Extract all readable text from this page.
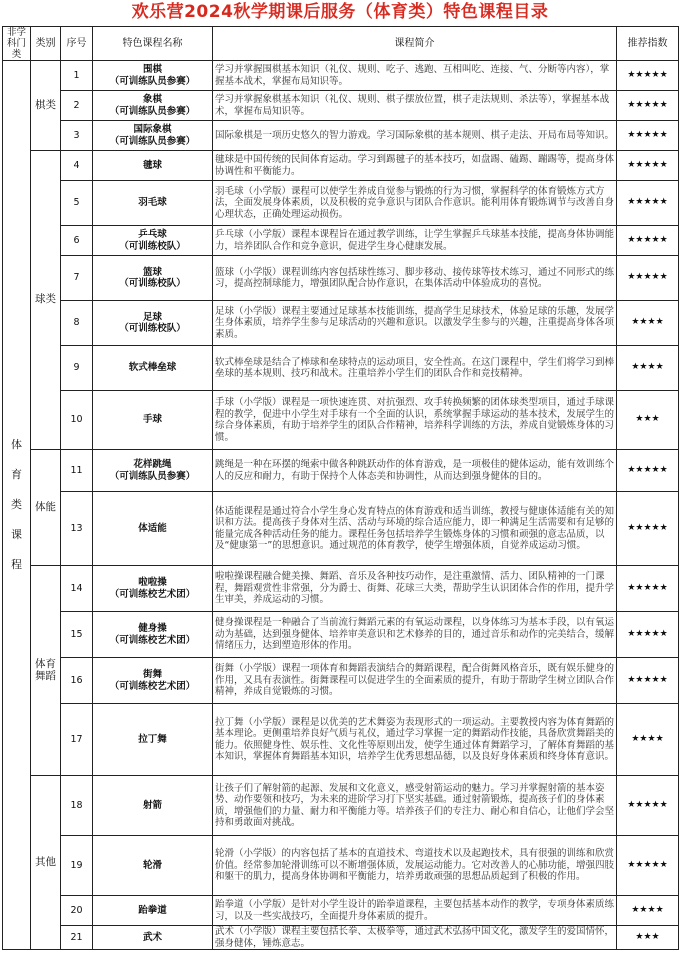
欢乐营2024秋学期课后服务（体育类）特色课程目录
非学科门类	类别	序号	特色课程名称	课程简介	推荐指数

体
育
类
课
程	棋类	1	围棋
（可训练队员参赛）	学习并掌握围棋基本知识（礼仪、规则、吃子、逃跑、互相叫吃、连接、气、分断等内容），掌握基本战术，掌握布局知识等。	★★★★★
		2	象棋
（可训练队员参赛）	学习并掌握象棋基本知识（礼仪、规则、棋子摆放位置，棋子走法规则、杀法等），掌握基本战术，掌握布局知识等。	★★★★★
		3	国际象棋
（可训练队员参赛）	国际象棋是一项历史悠久的智力游戏。学习国际象棋的基本规则、棋子走法、开局布局等知识。	★★★★★
	球类	4	毽球	毽球是中国传统的民间体育运动。学习到踢毽子的基本技巧，如盘踢、磕踢、蹦踢等，提高身体协调性和平衡能力。	★★★★★
		5	羽毛球	羽毛球（小学版）课程可以使学生养成自觉参与锻炼的行为习惯，掌握科学的体育锻炼方式方法，全面发展身体素质，以及积极的竞争意识与团队合作意识。能利用体育锻炼调节与改善自身心理状态，正确处理运动损伤。	★★★★★
		6	乒乓球
（可训练校队）	乒乓球（小学版）课程本课程旨在通过教学训练，让学生掌握乒乓球基本技能，提高身体协调能力，培养团队合作和竞争意识，促进学生身心健康发展。	★★★★★
		7	篮球
（可训练校队）	篮球（小学版）课程训练内容包括球性练习、脚步移动、接传球等技术练习，通过不同形式的练习，提高控制球能力，增强团队配合协作意识，在集体活动中体验成功的喜悦。	★★★★★
		8	足球
（可训练校队）	足球（小学版）课程主要通过足球基本技能训练，提高学生足球技术，体验足球的乐趣，发展学生身体素质，培养学生参与足球活动的兴趣和意识。以激发学生参与的兴趣，注重提高身体各项素质。	★★★★
		9	软式棒垒球	软式棒垒球是结合了棒球和垒球特点的运动项目，安全性高。在这门课程中，学生们将学习到棒垒球的基本规则、技巧和战术。注重培养小学生们的团队合作和竞技精神。	★★★★
		10	手球	手球（小学版）课程是一项快速连贯、对抗强烈、攻手转换频繁的团体球类型项目，通过手球课程的教学，促进中小学生对手球有一个全面的认识，系统掌握手球运动的基本技术，发展学生的综合身体素质，有助于培养学生的团队合作精神，培养科学训练的方法，养成自觉锻炼身体的习惯。	★★★
	体能	11	花样跳绳
（可训练队员参赛）	跳绳是一种在环摆的绳索中做各种跳跃动作的体育游戏，是一项极佳的健体运动，能有效训练个人的反应和耐力，有助于保持个人体态美和协调性，从而达到强身健体的目的。	★★★★★
		13	体适能	体适能课程是通过符合小学生身心发育特点的体育游戏和适当训练，教授与健康体适能有关的知识和方法。提高孩子身体对生活、活动与环境的综合适应能力，即一种满足生活需要和有足够的能量完成各种活动任务的能力。课程任务包括培养学生锻炼身体的习惯和顽强的意志品质，以及“健康第一”的思想意识。通过规范的体育教学，使学生增强体质，自觉养成运动习惯。	★★★★★
	体育舞蹈	14	啦啦操
（可训练校艺术团）	啦啦操课程融合健美操、舞蹈、音乐及各种技巧动作，是注重激情、活力、团队精神的一门课程，舞蹈观赏性非常强，分为爵士、街舞、花球三大类，帮助学生认识团体合作的作用，提升学生审美，养成运动的习惯。	★★★★★
		15	健身操
（可训练校艺术团）	健身操课程是一种融合了当前流行舞蹈元素的有氧运动课程，以身体练习为基本手段，以有氧运动为基础，达到强身健体、培养审美意识和艺术修养的目的，通过音乐和动作的完美结合，缓解情绪压力，达到塑造形体的作用。	★★★★★
		16	街舞
（可训练校艺术团）	街舞（小学版）课程一项体育和舞蹈表演结合的舞蹈课程，配合街舞风格音乐，既有娱乐健身的作用，又具有表演性。街舞课程可以促进学生的全面素质的提升，有助于帮助学生树立团队合作精神，养成自觉锻炼的习惯。	★★★★★
		17	拉丁舞	拉丁舞（小学版）课程是以优美的艺术舞姿为表现形式的一项运动。主要教授内容为体育舞蹈的基本理论。更侧重培养良好气质与礼仪，通过学习掌握一定的舞蹈动作技能，具备欣赏舞蹈美的能力。依照健身性、娱乐性、文化性等原则出发，使学生通过体育舞蹈学习，了解体育舞蹈的基本知识，掌握体育舞蹈基本知识，培养学生优秀思想品德，以及良好身体素质和终身体育意识。	★★★★
	其他	18	射箭	让孩子们了解射箭的起源、发展和文化意义，感受射箭运动的魅力。学习并掌握射箭的基本姿势、动作要领和技巧，为未来的进阶学习打下坚实基础。通过射箭锻炼，提高孩子们的身体素质，增强他们的力量、耐力和平衡能力等。培养孩子们的专注力、耐心和自信心，让他们学会坚持和勇敢面对挑战。	★★★★★
		19	轮滑	轮滑（小学版）的内容包括了基本的直道技术、弯道技术以及起跑技术，具有很强的训练和欣赏价值。经常参加轮滑训练可以不断增强体质，发展运动能力。它对改善人的心肺功能，增强四肢和躯干的肌力，提高身体协调和平衡能力，培养勇敢顽强的思想品质起到了积极的作用。	★★★★★
		20	跆拳道	跆拳道（小学版）是针对小学生设计的跆拳道课程，主要包括基本动作的教学，专项身体素质练习，以及一些实战技巧，全面提升身体素质的提升。	★★★★
		21	武术	武术（小学版）课程主要包括长拳、太极拳等，通过武术弘扬中国文化，激发学生的爱国情怀，强身健体，锤炼意志。	★★★
